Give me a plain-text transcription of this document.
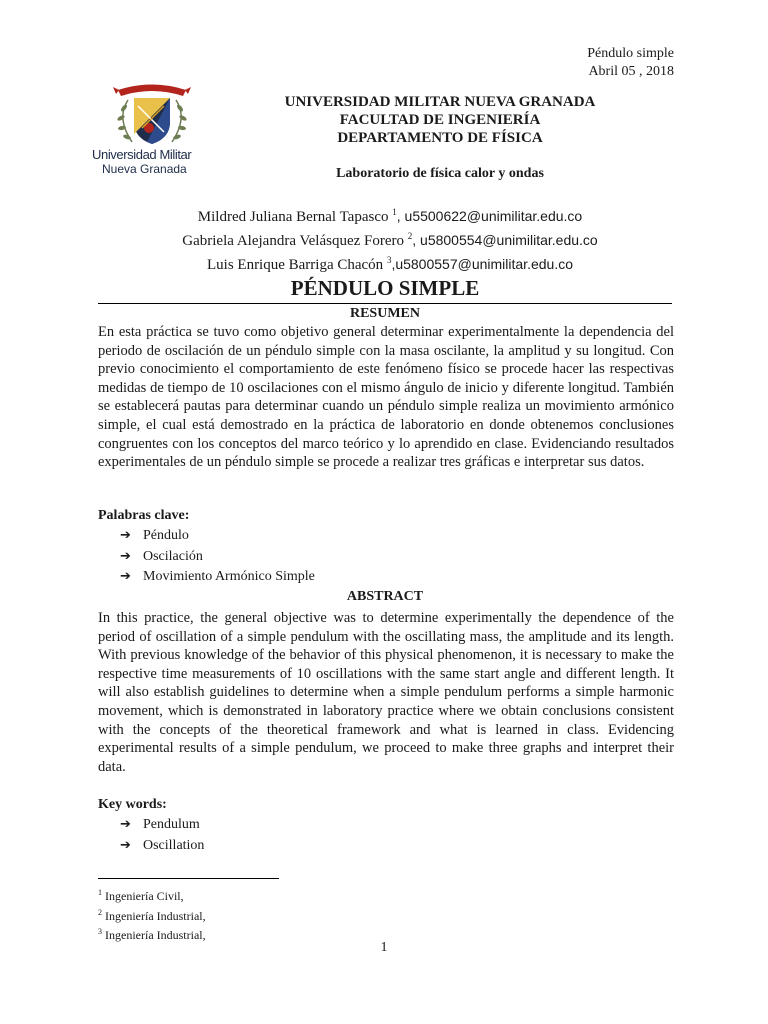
Péndulo simple
Abril 05 , 2018
Universidad Militar
Nueva Granada
UNIVERSIDAD MILITAR NUEVA GRANADA
FACULTAD DE INGENIERÍA
DEPARTAMENTO DE FÍSICA
Laboratorio de física calor y ondas
Mildred Juliana Bernal Tapasco $^1$, u5500622@unimilitar.edu.co
Gabriela Alejandra Velásquez Forero $^2$, u5800554@unimilitar.edu.co
Luis Enrique Barriga Chacón $^3$,u5800557@unimilitar.edu.co
PÉNDULO SIMPLE
RESUMEN

En esta práctica se tuvo como objetivo general determinar experimentalmente la dependencia del periodo de oscilación de un péndulo simple con la masa oscilante, la amplitud y su longitud. Con previo conocimiento el comportamiento de este fenómeno físico se procede hacer las respectivas medidas de tiempo de 10 oscilaciones con el mismo ángulo de inicio y diferente longitud. También se establecerá pautas para determinar cuando un péndulo simple realiza un movimiento armónico simple, el cual está demostrado en la práctica de laboratorio en donde obtenemos conclusiones congruentes con los conceptos del marco teórico y lo aprendido en clase. Evidenciando resultados experimentales de un péndulo simple se procede a realizar tres gráficas e interpretar sus datos.

Palabras clave:
➔ Péndulo
➔ Oscilación
➔ Movimiento Armónico Simple
ABSTRACT

In this practice, the general objective was to determine experimentally the dependence of the period of oscillation of a simple pendulum with the oscillating mass, the amplitude and its length. With previous knowledge of the behavior of this physical phenomenon, it is necessary to make the respective time measurements of 10 oscillations with the same start angle and different length. It will also establish guidelines to determine when a simple pendulum performs a simple harmonic movement, which is demonstrated in laboratory practice where we obtain conclusions consistent with the concepts of the theoretical framework and what is learned in class. Evidencing experimental results of a simple pendulum, we proceed to make three graphs and interpret their data.

Key words:
➔ Pendulum
➔ Oscillation
$^1$ Ingeniería Civil,
$^2$ Ingeniería Industrial,
$^3$ Ingeniería Industrial,
1
